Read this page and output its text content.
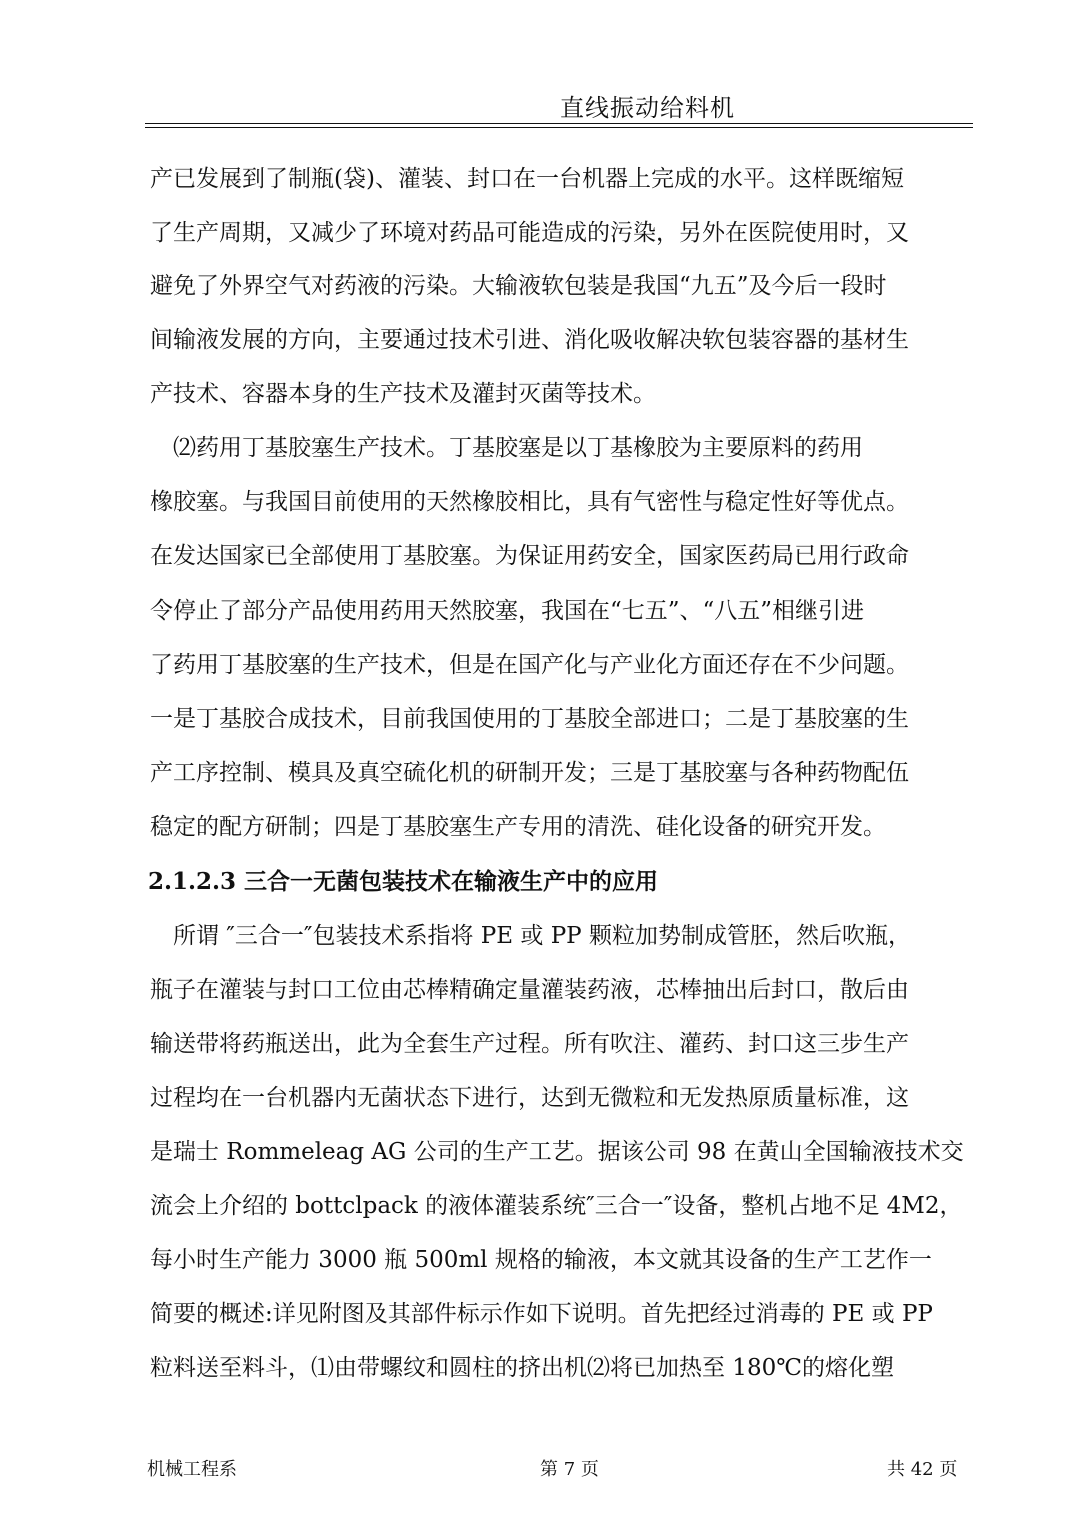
直线振动给料机
产已发展到了制瓶(袋)、灌装、封口在一台机器上完成的水平。这样既缩短
了生产周期，又减少了环境对药品可能造成的污染，另外在医院使用时，又
避免了外界空气对药液的污染。大输液软包装是我国“九五”及今后一段时
间输液发展的方向，主要通过技术引进、消化吸收解决软包装容器的基材生
产技术、容器本身的生产技术及灌封灭菌等技术。
　⑵药用丁基胶塞生产技术。丁基胶塞是以丁基橡胶为主要原料的药用
橡胶塞。与我国目前使用的天然橡胶相比，具有气密性与稳定性好等优点。
在发达国家已全部使用丁基胶塞。为保证用药安全，国家医药局已用行政命
令停止了部分产品使用药用天然胶塞，我国在“七五”、“八五”相继引进
了药用丁基胶塞的生产技术，但是在国产化与产业化方面还存在不少问题。
一是丁基胶合成技术，目前我国使用的丁基胶全部进口；二是丁基胶塞的生
产工序控制、模具及真空硫化机的研制开发；三是丁基胶塞与各种药物配伍
稳定的配方研制；四是丁基胶塞生产专用的清洗、硅化设备的研究开发。
2.1.2.3 三合一无菌包装技术在输液生产中的应用
　所谓 ″三合一″包装技术系指将 PE 或 PP 颗粒加势制成管胚，然后吹瓶，
瓶子在灌装与封口工位由芯棒精确定量灌装药液，芯棒抽出后封口，散后由
输送带将药瓶送出，此为全套生产过程。所有吹注、灌药、封口这三步生产
过程均在一台机器内无菌状态下进行，达到无微粒和无发热原质量标准，这
是瑞士 Rommeleag AG 公司的生产工艺。据该公司 98 在黄山全国输液技术交
流会上介绍的 bottclpack 的液体灌装系统″三合一″设备，整机占地不足 4M2，
每小时生产能力 3000 瓶 500ml 规格的输液，本文就其设备的生产工艺作一
简要的概述:详见附图及其部件标示作如下说明。首先把经过消毒的 PE 或 PP
粒料送至料斗，⑴由带螺纹和圆柱的挤出机⑵将已加热至 180℃的熔化塑
机械工程系	第 7 页	共 42 页
